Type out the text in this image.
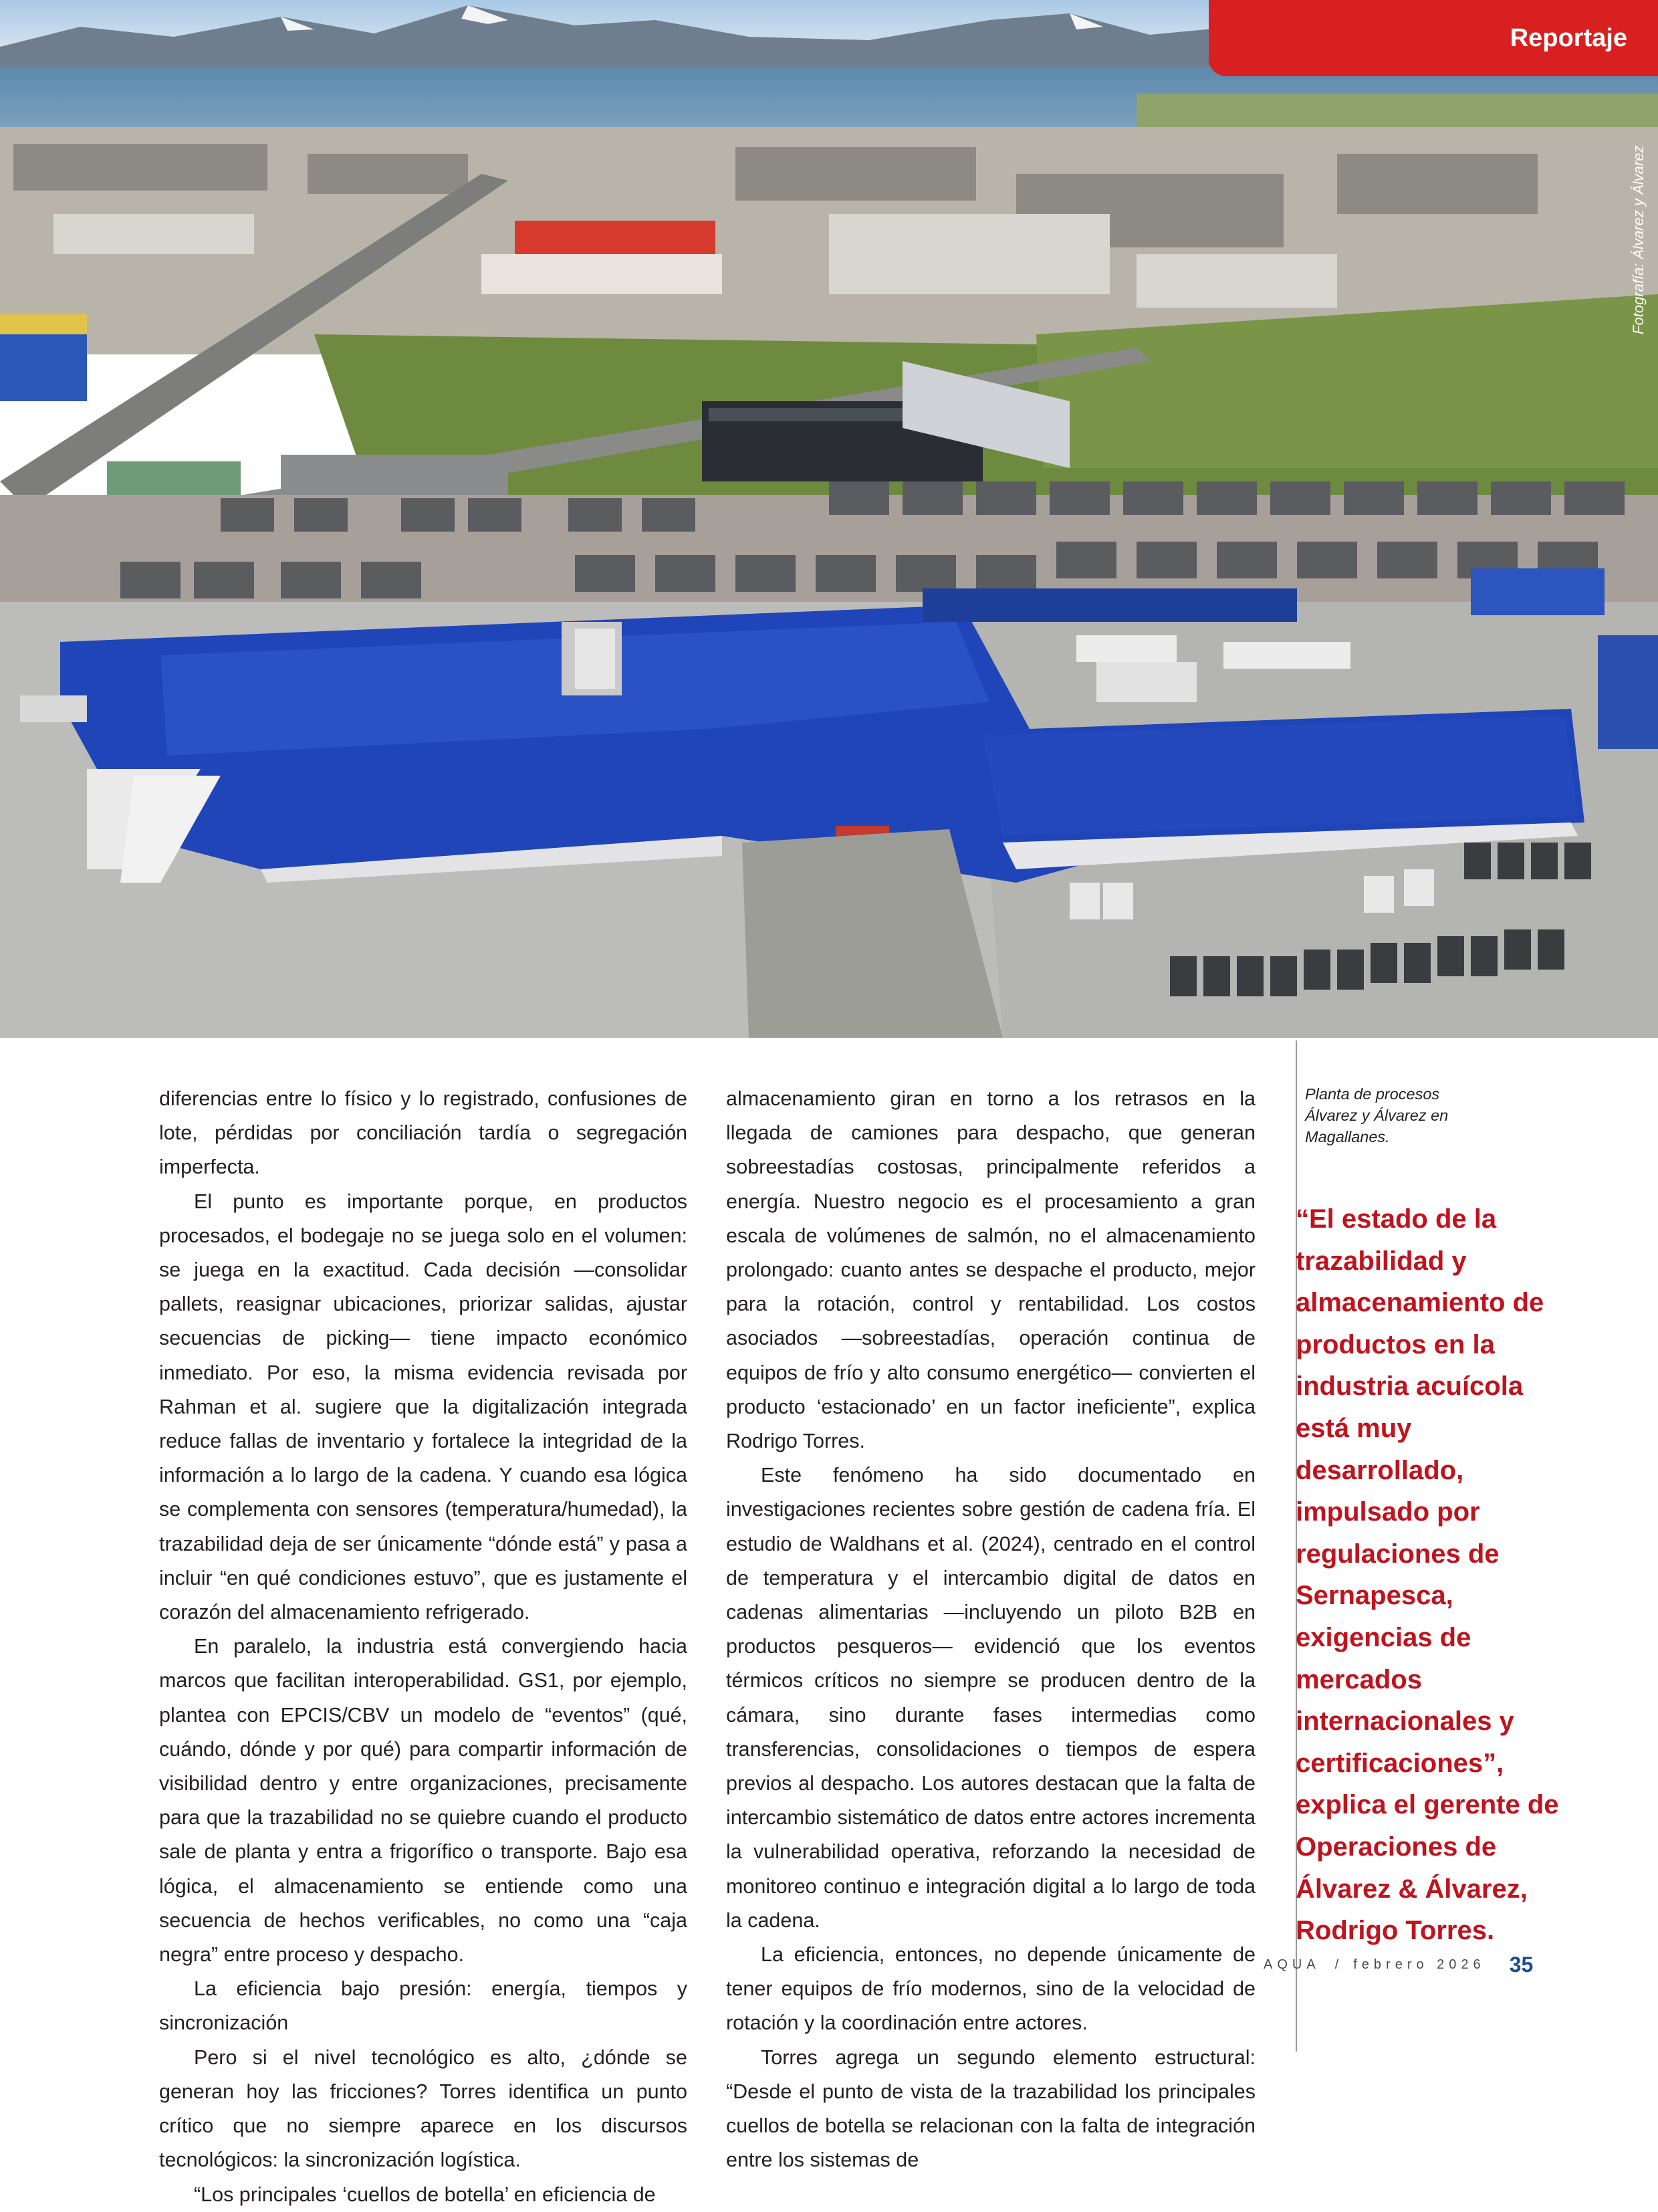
Reportaje
Fotografía: Álvarez y Álvarez

diferencias entre lo físico y lo registrado, confusiones de lote, pérdidas por conciliación tardía o segregación imperfecta.

El punto es importante porque, en productos procesados, el bodegaje no se juega solo en el volumen: se juega en la exactitud. Cada decisión —consolidar pallets, reasignar ubicaciones, priorizar salidas, ajustar secuencias de picking— tiene impacto económico inmediato. Por eso, la misma evidencia revisada por Rahman et al. sugiere que la digitalización integrada reduce fallas de inventario y fortalece la integridad de la información a lo largo de la cadena. Y cuando esa lógica se complementa con sensores (temperatura/humedad), la trazabilidad deja de ser únicamente “dónde está” y pasa a incluir “en qué condiciones estuvo”, que es justamente el corazón del almacenamiento refrigerado.

En paralelo, la industria está convergiendo hacia marcos que facilitan interoperabilidad. GS1, por ejemplo, plantea con EPCIS/CBV un modelo de “eventos” (qué, cuándo, dónde y por qué) para compartir información de visibilidad dentro y entre organizaciones, precisamente para que la trazabilidad no se quiebre cuando el producto sale de planta y entra a frigorífico o transporte. Bajo esa lógica, el almacenamiento se entiende como una secuencia de hechos verificables, no como una “caja negra” entre proceso y despacho.

La eficiencia bajo presión: energía, tiempos y sincronización

Pero si el nivel tecnológico es alto, ¿dónde se generan hoy las fricciones? Torres identifica un punto crítico que no siempre aparece en los discursos tecnológicos: la sincronización logística.

“Los principales ‘cuellos de botella’ en eficiencia de

almacenamiento giran en torno a los retrasos en la llegada de camiones para despacho, que generan sobreestadías costosas, principalmente referidos a energía. Nuestro negocio es el procesamiento a gran escala de volúmenes de salmón, no el almacenamiento prolongado: cuanto antes se despache el producto, mejor para la rotación, control y rentabilidad. Los costos asociados —sobreestadías, operación continua de equipos de frío y alto consumo energético— convierten el producto ‘estacionado’ en un factor ineficiente”, explica Rodrigo Torres.

Este fenómeno ha sido documentado en investigaciones recientes sobre gestión de cadena fría. El estudio de Waldhans et al. (2024), centrado en el control de temperatura y el intercambio digital de datos en cadenas alimentarias —incluyendo un piloto B2B en productos pesqueros— evidenció que los eventos térmicos críticos no siempre se producen dentro de la cámara, sino durante fases intermedias como transferencias, consolidaciones o tiempos de espera previos al despacho. Los autores destacan que la falta de intercambio sistemático de datos entre actores incrementa la vulnerabilidad operativa, reforzando la necesidad de monitoreo continuo e integración digital a lo largo de toda la cadena.

La eficiencia, entonces, no depende únicamente de tener equipos de frío modernos, sino de la velocidad de rotación y la coordinación entre actores.

Torres agrega un segundo elemento estructural: “Desde el punto de vista de la trazabilidad los principales cuellos de botella se relacionan con la falta de integración entre los sistemas de

Planta de procesos Álvarez y Álvarez en Magallanes.
“El estado de la trazabilidad y almacenamiento de productos en la industria acuícola está muy desarrollado, impulsado por regulaciones de Sernapesca, exigencias de mercados internacionales y certificaciones”, explica el gerente de Operaciones de Álvarez & Álvarez, Rodrigo Torres.
AQUA / febrero 2026 35
